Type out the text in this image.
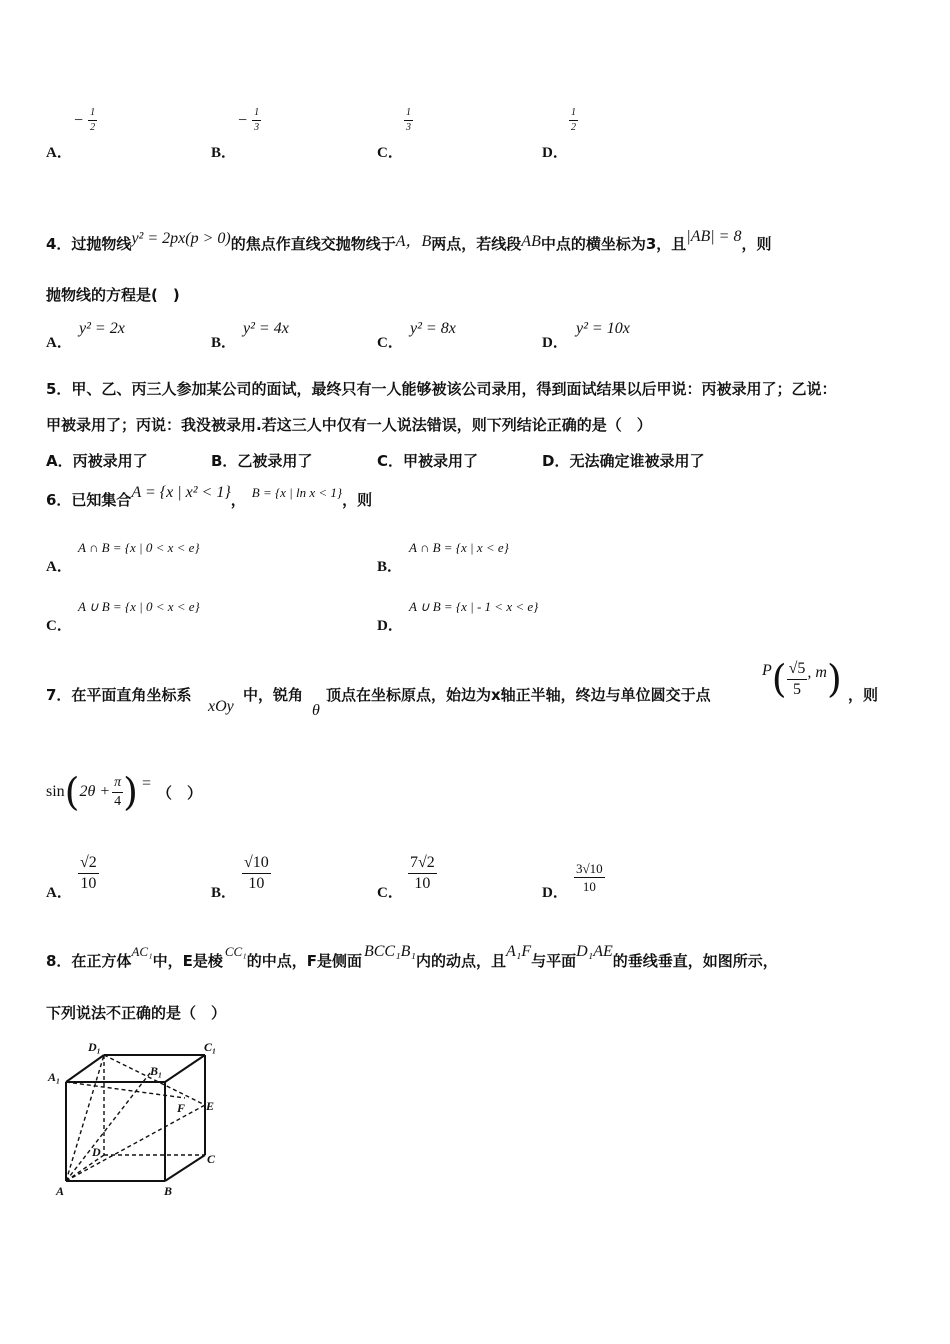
A．
− $\frac{1}{2}$
B．
− $\frac{1}{3}$
C．
$\frac{1}{3}$
D．
$\frac{1}{2}$
4．过抛物线y² = 2px(p > 0)的焦点作直线交抛物线于A，B两点，若线段AB中点的横坐标为3，且|AB| = 8，则
抛物线的方程是(　)
A．
y² = 2x
B．
y² = 4x
C．
y² = 8x
D．
y² = 10x
5．甲、乙、丙三人参加某公司的面试，最终只有一人能够被该公司录用，得到面试结果以后甲说：丙被录用了；乙说：
甲被录用了；丙说：我没被录用.若这三人中仅有一人说法错误，则下列结论正确的是（　）
A．丙被录用了	B．乙被录用了	C．甲被录用了	D．无法确定谁被录用了
6．已知集合A = {x | x² < 1}， B = {x | ln x < 1}，则
A．
A ∩ B = {x | 0 < x < e}
B．
A ∩ B = {x | x < e}
C．
A ∪ B = {x | 0 < x < e}
D．
A ∪ B = {x | - 1 < x < e}
7．在平面直角坐标系
xOy
中，锐角
θ
顶点在坐标原点，始边为x轴正半轴，终边与单位圆交于点
$P( \frac{√5}{5}$ , m) ，则
$\sin(2\theta + \frac{\pi}{4}$ ) = （　）
A．
$\frac{√2}{10}$
B．
$\frac{√10}{10}$
C．
$\frac{7√2}{10}$
D． $\frac{3√10}{10}$
8．在正方体AC₁中，E是棱CC₁的中点，F是侧面BCC₁B₁内的动点，且A₁F与平面D₁AE的垂线垂直，如图所示，
下列说法不正确的是（　）
D₁	C₁
A₁	B₁
F E
D	C
A	B
